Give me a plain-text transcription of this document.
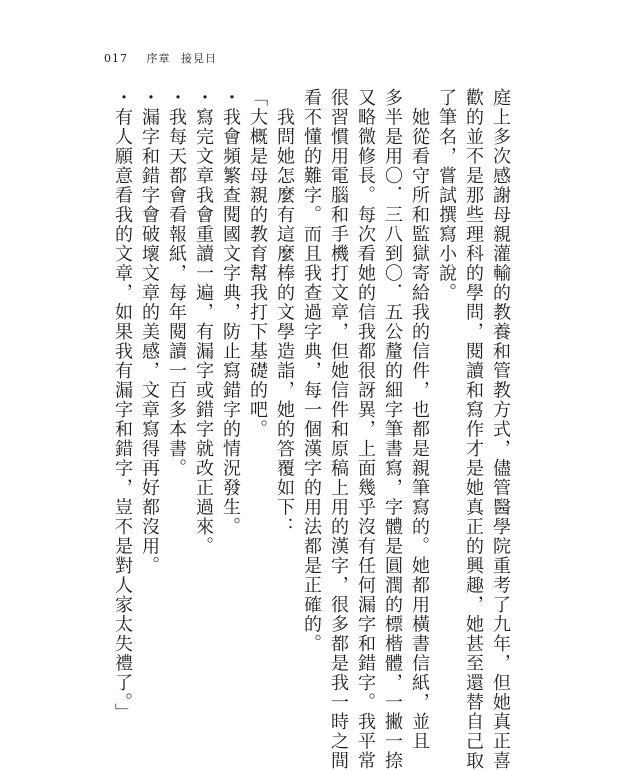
017 序章 接見日
庭上多次感謝母親灌輸的教養和管教方式，儘管醫學院重考了九年，但她真正喜
歡的並不是那些理科的學問，閱讀和寫作才是她真正的興趣，她甚至還替自己取
了筆名，嘗試撰寫小說。
　她從看守所和監獄寄給我的信件，也都是親筆寫的。她都用橫書信紙，並且
多半是用〇．三八到〇．五公釐的細字筆書寫，字體是圓潤的標楷體，一撇一捺
又略微修長。每次看她的信我都很訝異，上面幾乎沒有任何漏字和錯字。我平常
很習慣用電腦和手機打文章，但她信件和原稿上用的漢字，很多都是我一時之間
看不懂的難字。而且我查過字典，每一個漢字的用法都是正確的。
　我問她怎麼有這麼棒的文學造詣，她的答覆如下：
「大概是母親的教育幫我打下基礎的吧。
・我會頻繁查閱國文字典，防止寫錯字的情況發生。
・寫完文章我會重讀一遍，有漏字或錯字就改正過來。
・我每天都會看報紙，每年閱讀一百多本書。
・漏字和錯字會破壞文章的美感，文章寫得再好都沒用。
・有人願意看我的文章，如果我有漏字和錯字，豈不是對人家太失禮了。」
